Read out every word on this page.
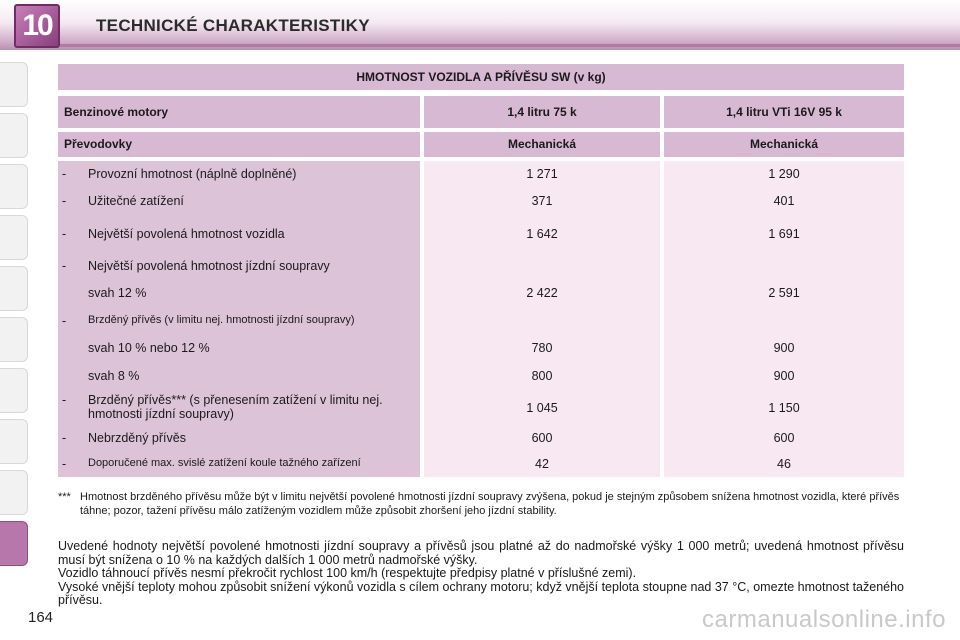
10	TECHNICKÉ CHARAKTERISTIKY
HMOTNOST VOZIDLA A PŘÍVĚSU SW (v kg)
Benzinové motory	1,4 litru 75 k	1,4 litru VTi 16V 95 k
Převodovky	Mechanická	Mechanická
- Provozní hmotnost (náplně doplněné)	1 271	1 290
- Užitečné zatížení	371	401
- Největší povolená hmotnost vozidla	1 642	1 691
- Největší povolená hmotnost jízdní soupravy
svah 12 %	2 422	2 591
- Brzděný přívěs (v limitu nej. hmotnosti jízdní soupravy)
svah 10 % nebo 12 %	780	900
svah 8 %	800	900
- Brzděný přívěs*** (s přenesením zatížení v limitu nej. hmotnosti jízdní soupravy)	1 045	1 150
- Nebrzděný přívěs	600	600
- Doporučené max. svislé zatížení koule tažného zařízení	42	46
*** Hmotnost brzděného přívěsu může být v limitu největší povolené hmotnosti jízdní soupravy zvýšena, pokud je stejným způsobem snížena hmotnost vozidla, které přívěs táhne; pozor, tažení přívěsu málo zatíženým vozidlem může způsobit zhoršení jeho jízdní stability.

Uvedené hodnoty největší povolené hmotnosti jízdní soupravy a přívěsů jsou platné až do nadmořské výšky 1 000 metrů; uvedená hmotnost přívěsu musí být snížena o 10 % na každých dalších 1 000 metrů nadmořské výšky.

Vozidlo táhnoucí přívěs nesmí překročit rychlost 100 km/h (respektujte předpisy platné v příslušné zemi).

Vysoké vnější teploty mohou způsobit snížení výkonů vozidla s cílem ochrany motoru; když vnější teplota stoupne nad 37 °C, omezte hmotnost taženého přívěsu.

164	carmanualsonline.info
